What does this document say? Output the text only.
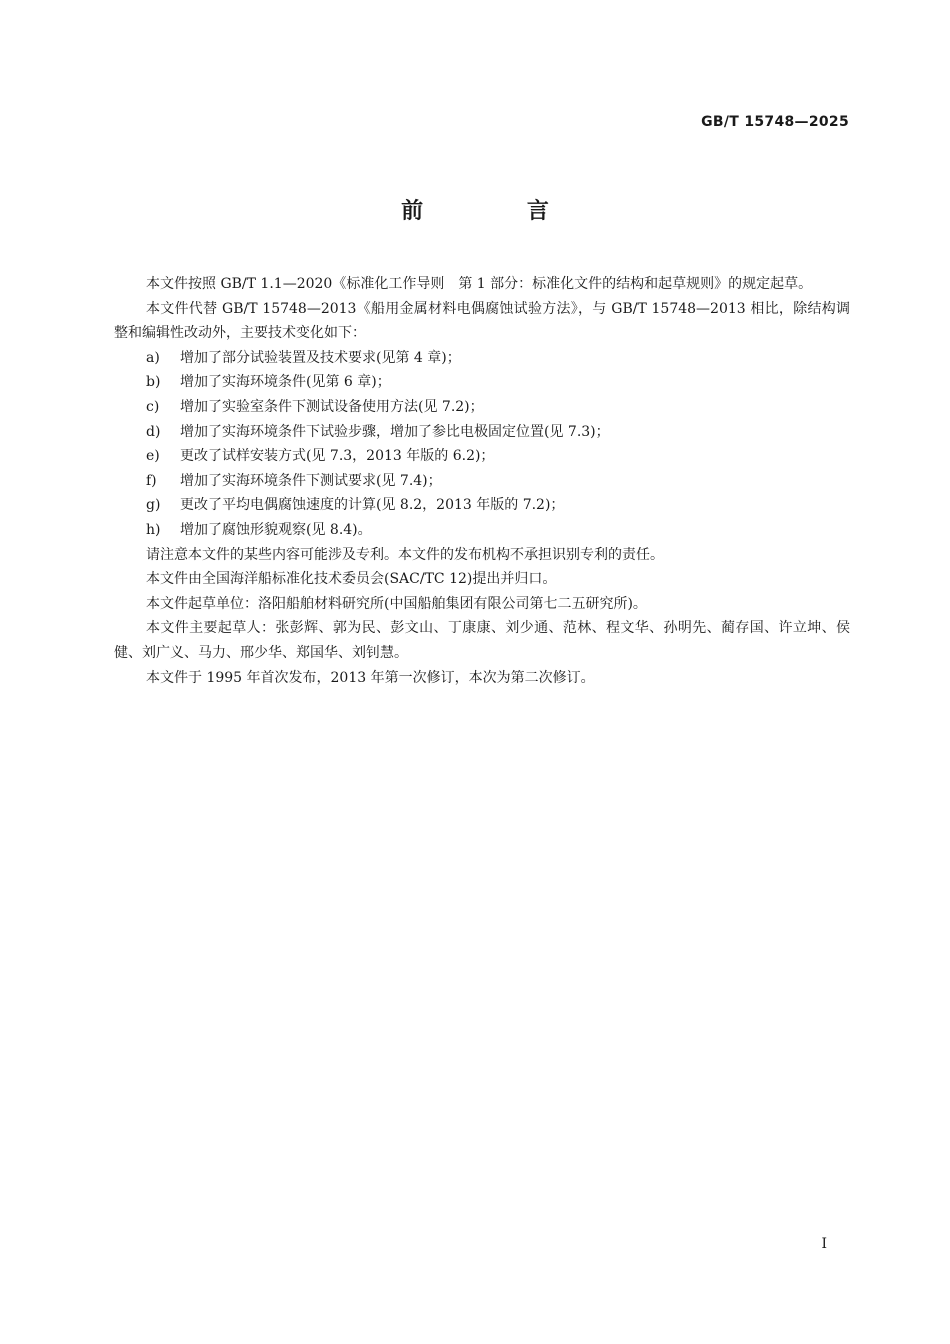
GB/T 15748—2025
前 言

本文件按照 GB/T 1.1—2020《标准化工作导则　第 1 部分：标准化文件的结构和起草规则》的规定起草。

本文件代替 GB/T 15748—2013《船用金属材料电偶腐蚀试验方法》，与 GB/T 15748—2013 相比，除结构调整和编辑性改动外，主要技术变化如下：

a)	增加了部分试验装置及技术要求(见第 4 章)；
b)	增加了实海环境条件(见第 6 章)；
c)	增加了实验室条件下测试设备使用方法(见 7.2)；
d)	增加了实海环境条件下试验步骤，增加了参比电极固定位置(见 7.3)；
e)	更改了试样安装方式(见 7.3，2013 年版的 6.2)；
f)	增加了实海环境条件下测试要求(见 7.4)；
g)	更改了平均电偶腐蚀速度的计算(见 8.2，2013 年版的 7.2)；
h)	增加了腐蚀形貌观察(见 8.4)。

请注意本文件的某些内容可能涉及专利。本文件的发布机构不承担识别专利的责任。

本文件由全国海洋船标准化技术委员会(SAC/TC 12)提出并归口。

本文件起草单位：洛阳船舶材料研究所(中国船舶集团有限公司第七二五研究所)。

本文件主要起草人：张彭辉、郭为民、彭文山、丁康康、刘少通、范林、程文华、孙明先、蔺存国、许立坤、侯健、刘广义、马力、邢少华、郑国华、刘钊慧。

本文件于 1995 年首次发布，2013 年第一次修订，本次为第二次修订。

I
